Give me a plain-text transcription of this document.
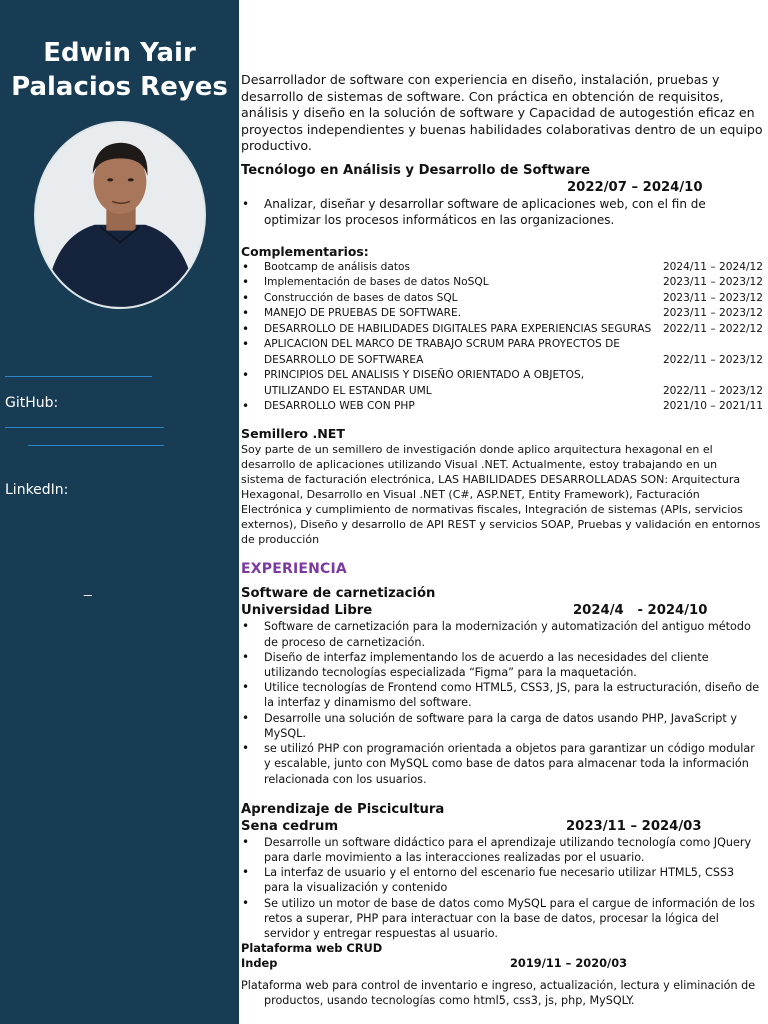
Edwin Yair
Palacios Reyes
GitHub:
LinkedIn:
_

Desarrollador de software con experiencia en diseño, instalación, pruebas y desarrollo de sistemas de software. Con práctica en obtención de requisitos, análisis y diseño en la solución de software y Capacidad de autogestión eficaz en proyectos independientes y buenas habilidades colaborativas dentro de un equipo productivo.

Tecnólogo en Análisis y Desarrollo de Software
2022/07 – 2024/10
• Analizar, diseñar y desarrollar software de aplicaciones web, con el fin de optimizar los procesos informáticos en las organizaciones.
Complementarios:
• Bootcamp de análisis datos	2024/11 – 2024/12
• Implementación de bases de datos NoSQL	2023/11 – 2023/12
• Construcción de bases de datos SQL	2023/11 – 2023/12
• MANEJO DE PRUEBAS DE SOFTWARE.	2023/11 – 2023/12
• DESARROLLO DE HABILIDADES DIGITALES PARA EXPERIENCIAS SEGURAS	2022/11 – 2022/12
• APLICACION DEL MARCO DE TRABAJO SCRUM PARA PROYECTOS DE DESARROLLO DE SOFTWAREA	2022/11 – 2023/12
• PRINCIPIOS DEL ANALISIS Y DISEÑO ORIENTADO A OBJETOS, UTILIZANDO EL ESTANDAR UML	2022/11 – 2023/12
• DESARROLLO WEB CON PHP	2021/10 – 2021/11
Semillero .NET

Soy parte de un semillero de investigación donde aplico arquitectura hexagonal en el desarrollo de aplicaciones utilizando Visual .NET. Actualmente, estoy trabajando en un sistema de facturación electrónica, LAS HABILIDADES DESARROLLADAS SON: Arquitectura Hexagonal, Desarrollo en Visual .NET (C#, ASP.NET, Entity Framework), Facturación Electrónica y cumplimiento de normativas fiscales, Integración de sistemas (APIs, servicios externos), Diseño y desarrollo de API REST y servicios SOAP, Pruebas y validación en entornos de producción

EXPERIENCIA
Software de carnetización
Universidad Libre	2024/4   - 2024/10
• Software de carnetización para la modernización y automatización del antiguo método de proceso de carnetización.
• Diseño de interfaz implementando los de acuerdo a las necesidades del cliente utilizando tecnologías especializada “Figma” para la maquetación.
• Utilice tecnologías de Frontend como HTML5, CSS3, JS, para la estructuración, diseño de la interfaz y dinamismo del software.
• Desarrolle una solución de software para la carga de datos usando PHP, JavaScript y MySQL.
• se utilizó PHP con programación orientada a objetos para garantizar un código modular y escalable, junto con MySQL como base de datos para almacenar toda la información relacionada con los usuarios.
Aprendizaje de Piscicultura
Sena cedrum	2023/11 – 2024/03
• Desarrolle un software didáctico para el aprendizaje utilizando tecnología como JQuery para darle movimiento a las interacciones realizadas por el usuario.
• La interfaz de usuario y el entorno del escenario fue necesario utilizar HTML5, CSS3 para la visualización y contenido
• Se utilizo un motor de base de datos como MySQL para el cargue de información de los retos a superar, PHP para interactuar con la base de datos, procesar la lógica del servidor y entregar respuestas al usuario.
Plataforma web CRUD
Indep	2019/11 – 2020/03

Plataforma web para control de inventario e ingreso, actualización, lectura y eliminación de

productos, usando tecnologías como html5, css3, js, php, MySQLY.
